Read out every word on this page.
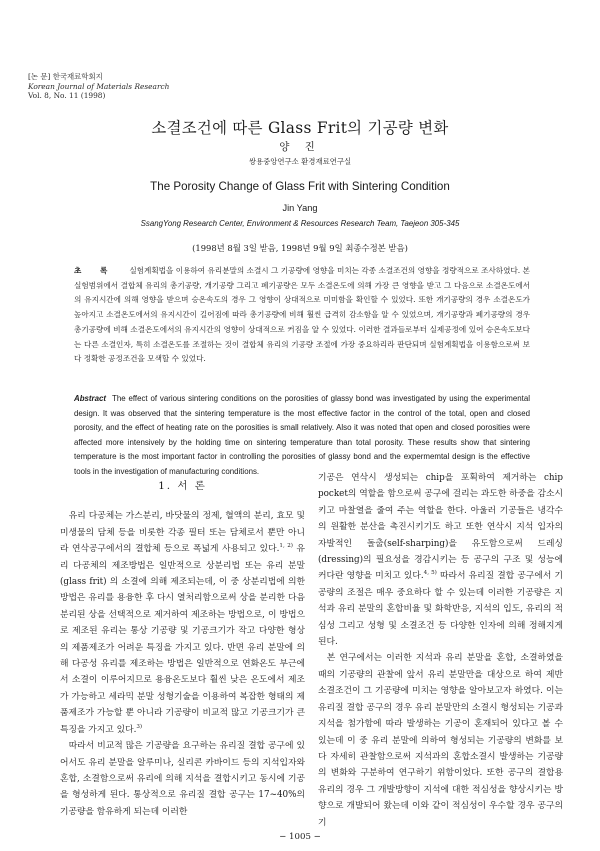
[논 문] 한국재료학회지
Korean Journal of Materials Research
Vol. 8, No. 11 (1998)
소결조건에 따른 Glass Frit의 기공량 변화
양 진
쌍용중앙연구소 환경재료연구실
The Porosity Change of Glass Frit with Sintering Condition
Jin Yang
SsangYong Research Center, Environment & Resources Research Team, Taejeon 305-345
(1998년 8월 3일 받음, 1998년 9월 9일 최종수정본 받음)
초 록 실험계획법을 이용하여 유리분말의 소결시 그 기공량에 영향을 미치는 각종 소결조건의 영향을 정량적으로 조사하였다. 본 실험범위에서 결합체 유리의 총기공량, 개기공량 그리고 폐기공량은 모두 소결온도에 의해 가장 큰 영향을 받고 그 다음으로 소결온도에서의 유지시간에 의해 영향을 받으며 승온속도의 경우 그 영향이 상대적으로 미미함을 확인할 수 있었다. 또한 개기공량의 경우 소결온도가 높아지고 소결온도에서의 유지시간이 길어짐에 따라 총기공량에 비해 훨씬 급격히 감소함을 알 수 있었으며, 개기공량과 폐기공량의 경우 총기공량에 비해 소결온도에서의 유지시간의 영향이 상대적으로 커짐을 알 수 있었다. 이러한 결과들로부터 실제공정에 있어 승온속도보다는 다른 소결인자, 특히 소결온도를 조절하는 것이 결합체 유리의 기공량 조절에 가장 중요하리라 판단되며 실험계획법을 이용함으로써 보다 정확한 공정조건을 모색할 수 있었다.
Abstract The effect of various sintering conditions on the porosities of glassy bond was investigated by using the experimental design. It was observed that the sintering temperature is the most effective factor in the control of the total, open and closed porosity, and the effect of heating rate on the porosities is small relatively. Also it was noted that open and closed porosities were affected more intensively by the holding time on sintering temperature than total porosity. These results show that sintering temperature is the most important factor in controlling the porosities of glassy bond and the expermemtal design is the effective tools in the investigation of manufacturing conditions.

1. 서 론

유리 다공체는 가스분리, 바닷물의 정제, 혈액의 분리, 효모 및 미생물의 담체 등을 비롯한 각종 필터 또는 담체로서 뿐만 아니라 연삭공구에서의 결합체 등으로 폭넓게 사용되고 있다.$^{1, 2)}$ 유리 다공체의 제조방법은 일반적으로 상분리법 또는 유리 분말 (glass frit) 의 소결에 의해 제조되는데, 이 중 상분리법에 의한 방법은 유리를 용융한 후 다시 열처리함으로써 상을 분리한 다음 분리된 상을 선택적으로 제거하여 제조하는 방법으로, 이 방법으로 제조된 유리는 통상 기공량 및 기공크기가 작고 다양한 형상의 제품제조가 어려운 특징을 가지고 있다. 반면 유리 분말에 의해 다공성 유리를 제조하는 방법은 일반적으로 연화온도 부근에서 소결이 이루어지므로 용융온도보다 훨씬 낮은 온도에서 제조가 가능하고 세라믹 분말 성형기술을 이용하여 복잡한 형태의 제품제조가 가능할 뿐 아니라 기공량이 비교적 많고 기공크기가 큰 특징을 가지고 있다.$^{3)}$

따라서 비교적 많은 기공량을 요구하는 유리질 결합 공구에 있어서도 유리 분말을 알루미나, 실리콘 카바이드 등의 지석입자와 혼합, 소결함으로써 유리에 의해 지석을 결합시키고 동시에 기공을 형성하게 된다. 통상적으로 유리질 결합 공구는 17~40%의 기공량을 함유하게 되는데 이러한

기공은 연삭시 생성되는 chip을 포획하여 제거하는 chip pocket의 역할을 함으로써 공구에 걸리는 과도한 하중을 감소시키고 마찰열을 줄여 주는 역할을 한다. 아울러 기공들은 냉각수의 원활한 분산을 촉진시키기도 하고 또한 연삭시 지석 입자의 자발적인 돌출(self-sharping)을 유도함으로써 드레싱(dressing)의 필요성을 경감시키는 등 공구의 구조 및 성능에 커다란 영향을 미치고 있다.$^{4, 5)}$ 따라서 유리질 결합 공구에서 기공량의 조절은 매우 중요하다 할 수 있는데 이러한 기공량은 지석과 유리 분말의 혼합비율 및 화학반응, 지석의 입도, 유리의 적심성 그리고 성형 및 소결조건 등 다양한 인자에 의해 정해지게 된다.

본 연구에서는 이러한 지석과 유리 분말을 혼합, 소결하였을 때의 기공량의 관찰에 앞서 유리 분말만을 대상으로 하여 제반 소결조건이 그 기공량에 미치는 영향을 알아보고자 하였다. 이는 유리질 결합 공구의 경우 유리 분말만의 소결시 형성되는 기공과 지석을 첨가함에 따라 발생하는 기공이 혼재되어 있다고 볼 수 있는데 이 중 유리 분말에 의하여 형성되는 기공량의 변화를 보다 자세히 관찰함으로써 지석과의 혼합소결시 발생하는 기공량의 변화와 구분하여 연구하기 위함이었다. 또한 공구의 결합용 유리의 경우 그 개발방향이 지석에 대한 적심성을 향상시키는 방향으로 개발되어 왔는데 이와 같이 적심성이 우수할 경우 공구의 기

− 1005 −
